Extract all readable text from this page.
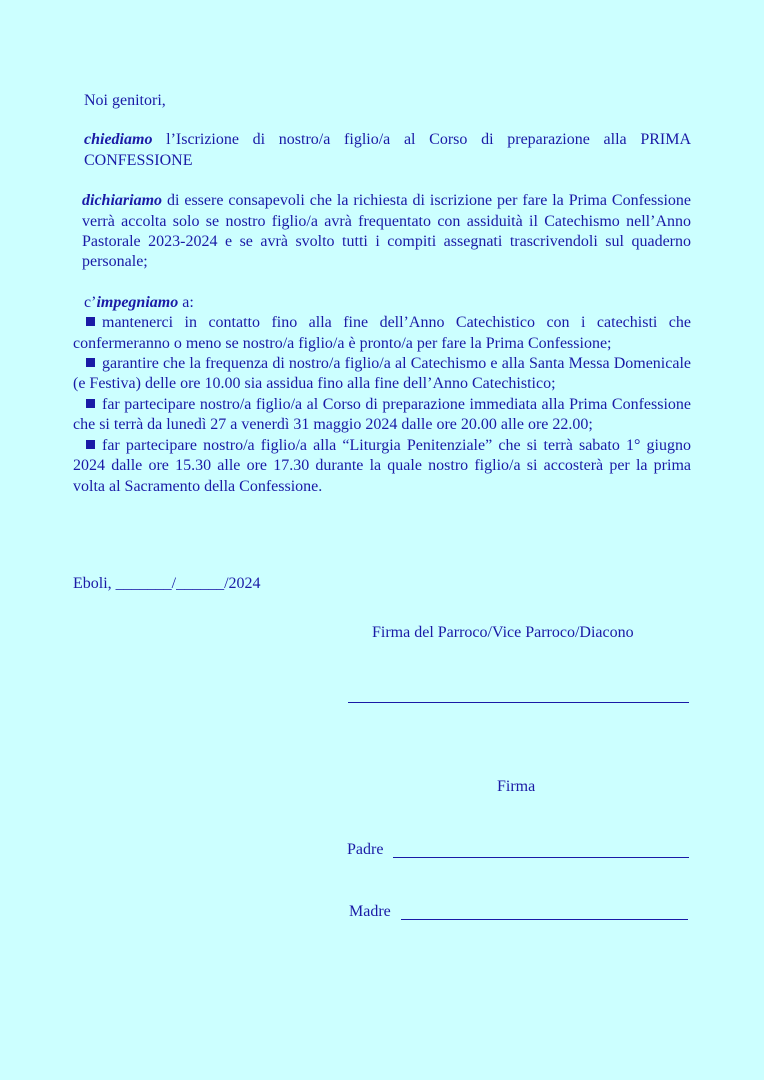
Noi genitori,

chiediamo l’Iscrizione di nostro/a figlio/a al Corso di preparazione alla PRIMA CONFESSIONE

dichiariamo di essere consapevoli che la richiesta di iscrizione per fare la Prima Confessione verrà accolta solo se nostro figlio/a avrà frequentato con assiduità il Catechismo nell’Anno Pastorale 2023-2024 e se avrà svolto tutti i compiti assegnati trascrivendoli sul quaderno personale;

c’impegniamo a:

mantenerci in contatto fino alla fine dell’Anno Catechistico con i catechisti che confermeranno o meno se nostro/a figlio/a è pronto/a per fare la Prima Confessione;

garantire che la frequenza di nostro/a figlio/a al Catechismo e alla Santa Messa Domenicale (e Festiva) delle ore 10.00 sia assidua fino alla fine dell’Anno Catechistico;

far partecipare nostro/a figlio/a al Corso di preparazione immediata alla Prima Confessione che si terrà da lunedì 27 a venerdì 31 maggio 2024 dalle ore 20.00 alle ore 22.00;

far partecipare nostro/a figlio/a alla “Liturgia Penitenziale” che si terrà sabato 1° giugno 2024 dalle ore 15.30 alle ore 17.30 durante la quale nostro figlio/a si accosterà per la prima volta al Sacramento della Confessione.

Eboli, _______/______/2024
Firma del Parroco/Vice Parroco/Diacono
Firma
Padre
Madre
